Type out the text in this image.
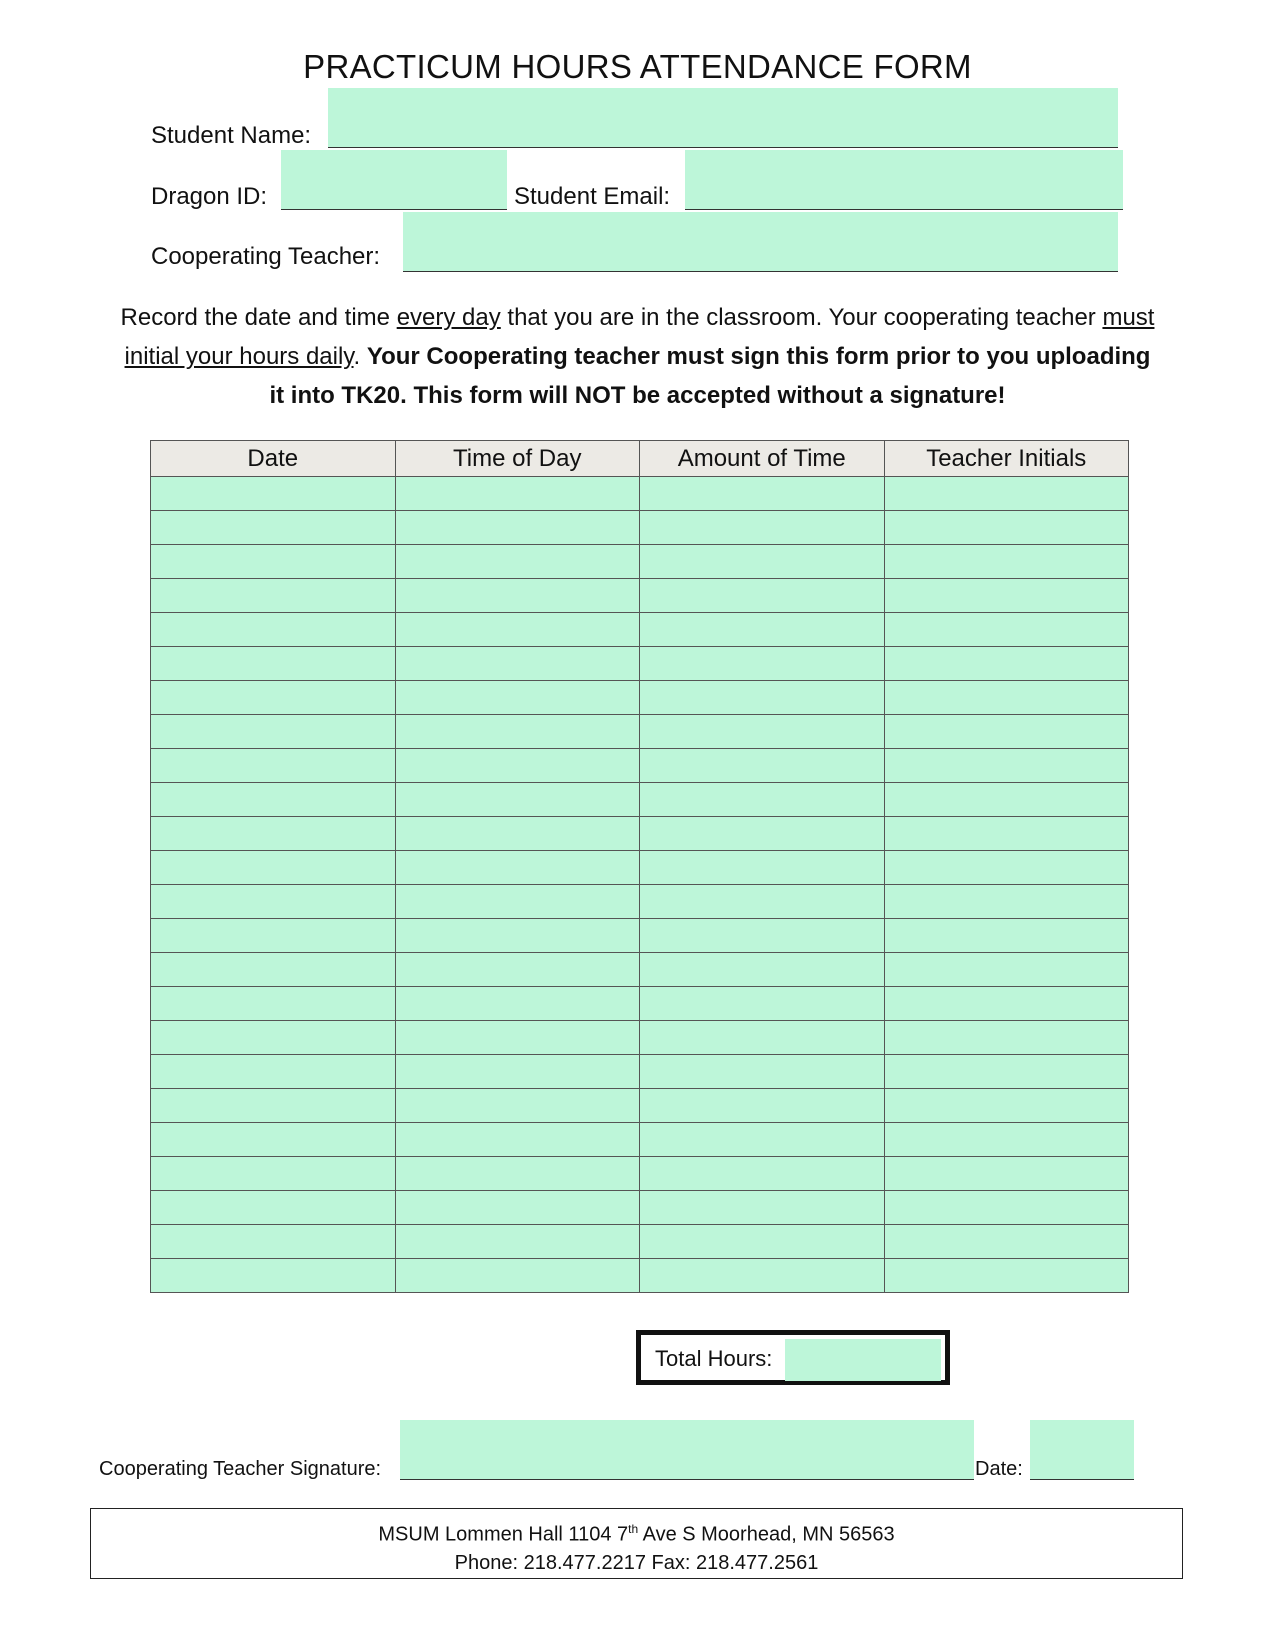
PRACTICUM HOURS ATTENDANCE FORM
Student Name:
Dragon ID:	Student Email:
Cooperating Teacher:
Record the date and time every day that you are in the classroom. Your cooperating teacher must initial your hours daily. Your Cooperating teacher must sign this form prior to you uploading it into TK20. This form will NOT be accepted without a signature!
Date	Time of Day	Amount of Time	Teacher Initials

Total Hours:
Cooperating Teacher Signature:	Date:
MSUM Lommen Hall 1104 7th Ave S Moorhead, MN 56563
Phone: 218.477.2217 Fax: 218.477.2561
